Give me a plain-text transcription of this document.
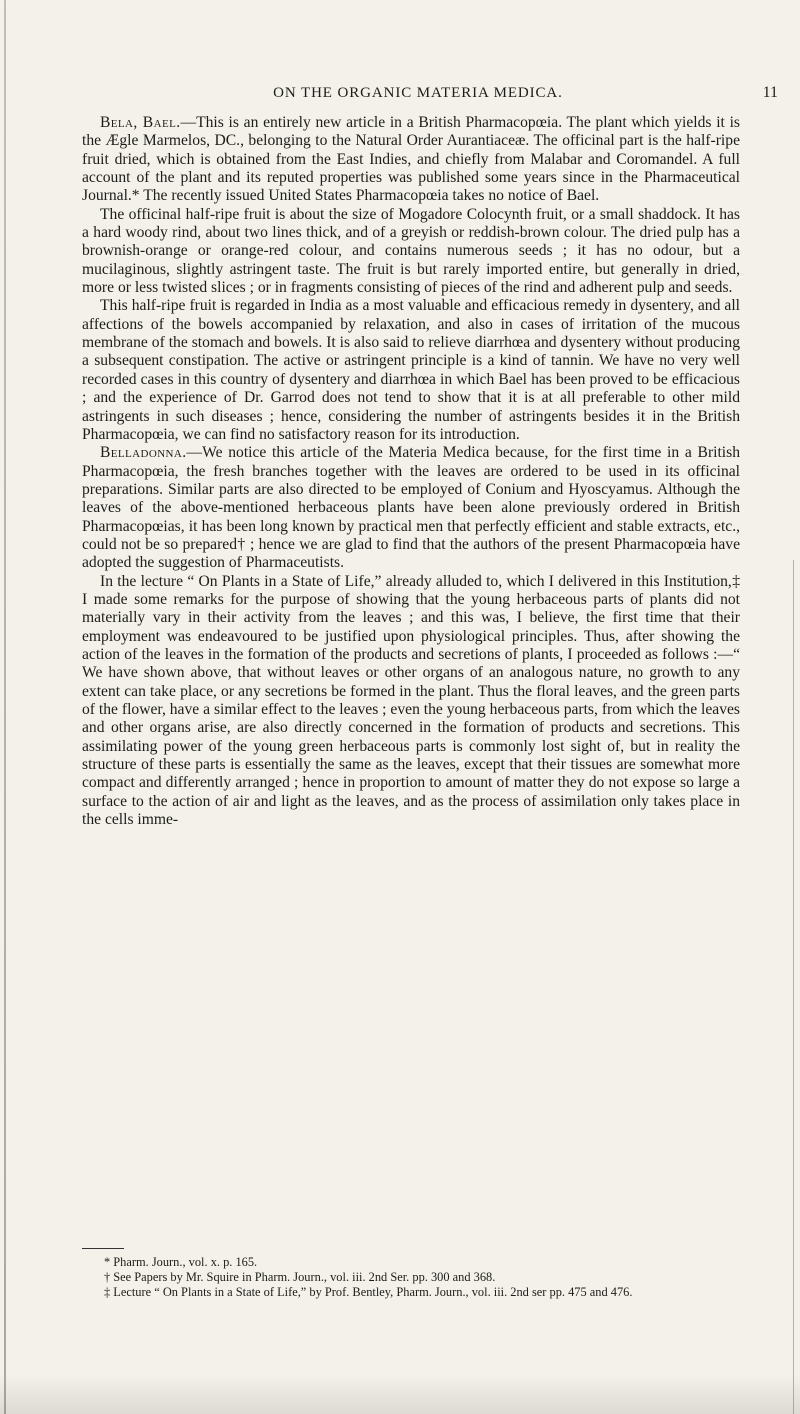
ON THE ORGANIC MATERIA MEDICA.	11

Bela, Bael.—This is an entirely new article in a British Pharmacopœia. The plant which yields it is the Ægle Marmelos, DC., belonging to the Natural Order Aurantiaceæ. The officinal part is the half-ripe fruit dried, which is obtained from the East Indies, and chiefly from Malabar and Coromandel. A full account of the plant and its reputed properties was published some years since in the Pharmaceutical Journal.* The recently issued United States Pharmacopœia takes no notice of Bael.

The officinal half-ripe fruit is about the size of Mogadore Colocynth fruit, or a small shaddock. It has a hard woody rind, about two lines thick, and of a greyish or reddish-brown colour. The dried pulp has a brownish-orange or orange-red colour, and contains numerous seeds ; it has no odour, but a mucilaginous, slightly astringent taste. The fruit is but rarely imported entire, but generally in dried, more or less twisted slices ; or in fragments consisting of pieces of the rind and adherent pulp and seeds.

This half-ripe fruit is regarded in India as a most valuable and efficacious remedy in dysentery, and all affections of the bowels accompanied by relaxation, and also in cases of irritation of the mucous membrane of the stomach and bowels. It is also said to relieve diarrhœa and dysentery without producing a subsequent constipation. The active or astringent principle is a kind of tannin. We have no very well recorded cases in this country of dysentery and diarrhœa in which Bael has been proved to be efficacious ; and the experience of Dr. Garrod does not tend to show that it is at all preferable to other mild astringents in such diseases ; hence, considering the number of astringents besides it in the British Pharmacopœia, we can find no satisfactory reason for its introduction.

Belladonna.—We notice this article of the Materia Medica because, for the first time in a British Pharmacopœia, the fresh branches together with the leaves are ordered to be used in its officinal preparations. Similar parts are also directed to be employed of Conium and Hyoscyamus. Although the leaves of the above-mentioned herbaceous plants have been alone previously ordered in British Pharmacopœias, it has been long known by practical men that perfectly efficient and stable extracts, etc., could not be so prepared† ; hence we are glad to find that the authors of the present Pharmacopœia have adopted the suggestion of Pharmaceutists.

In the lecture “ On Plants in a State of Life,” already alluded to, which I delivered in this Institution,‡ I made some remarks for the purpose of showing that the young herbaceous parts of plants did not materially vary in their activity from the leaves ; and this was, I believe, the first time that their employment was endeavoured to be justified upon physiological principles. Thus, after showing the action of the leaves in the formation of the products and secretions of plants, I proceeded as follows :—“ We have shown above, that without leaves or other organs of an analogous nature, no growth to any extent can take place, or any secretions be formed in the plant. Thus the floral leaves, and the green parts of the flower, have a similar effect to the leaves ; even the young herbaceous parts, from which the leaves and other organs arise, are also directly concerned in the formation of products and secretions. This assimilating power of the young green herbaceous parts is commonly lost sight of, but in reality the structure of these parts is essentially the same as the leaves, except that their tissues are somewhat more compact and differently arranged ; hence in proportion to amount of matter they do not expose so large a surface to the action of air and light as the leaves, and as the process of assimilation only takes place in the cells imme-

* Pharm. Journ., vol. x. p. 165.

† See Papers by Mr. Squire in Pharm. Journ., vol. iii. 2nd Ser. pp. 300 and 368.

‡ Lecture “ On Plants in a State of Life,” by Prof. Bentley, Pharm. Journ., vol. iii. 2nd ser pp. 475 and 476.
